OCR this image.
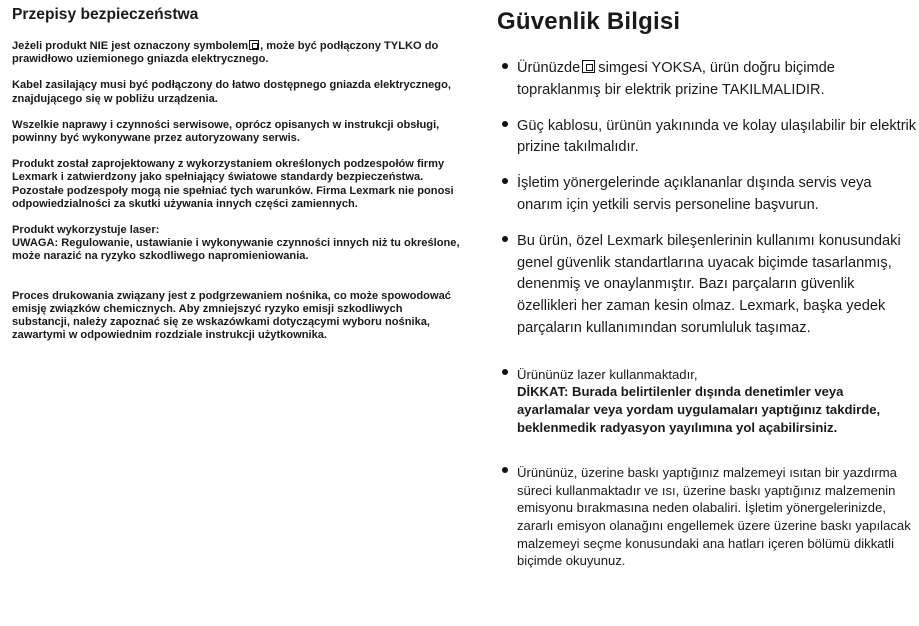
Przepisy bezpieczeństwa

Jeżeli produkt NIE jest oznaczony symbolem , może być podłączony TYLKO do prawidłowo uziemionego gniazda elektrycznego.

Kabel zasilający musi być podłączony do łatwo dostępnego gniazda elektrycznego, znajdującego się w pobliżu urządzenia.

Wszelkie naprawy i czynności serwisowe, oprócz opisanych w instrukcji obsługi, powinny być wykonywane przez autoryzowany serwis.

Produkt został zaprojektowany z wykorzystaniem określonych podzespołów firmy Lexmark i zatwierdzony jako spełniający światowe standardy bezpieczeństwa. Pozostałe podzespoły mogą nie spełniać tych warunków. Firma Lexmark nie ponosi odpowiedzialności za skutki używania innych części zamiennych.

Produkt wykorzystuje laser:
UWAGA: Regulowanie, ustawianie i wykonywanie czynności innych niż tu określone, może narazić na ryzyko szkodliwego napromieniowania.

Proces drukowania związany jest z podgrzewaniem nośnika, co może spowodować emisję związków chemicznych. Aby zmniejszyć ryzyko emisji szkodliwych substancji, należy zapoznać się ze wskazówkami dotyczącymi wyboru nośnika, zawartymi w odpowiednim rozdziale instrukcji użytkownika.

Güvenlik Bilgisi
Ürünüzde simgesi YOKSA, ürün doğru biçimde topraklanmış bir elektrik prizine TAKILMALIDIR.
Güç kablosu, ürünün yakınında ve kolay ulaşılabilir bir elektrik prizine takılmalıdır.
İşletim yönergelerinde açıklananlar dışında servis veya onarım için yetkili servis personeline başvurun.
Bu ürün, özel Lexmark bileşenlerinin kullanımı konusundaki genel güvenlik standartlarına uyacak biçimde tasarlanmış, denenmiş ve onaylanmıştır. Bazı parçaların güvenlik özellikleri her zaman kesin olmaz. Lexmark, başka yedek parçaların kullanımından sorumluluk taşımaz.
Ürününüz lazer kullanmaktadır,
DİKKAT: Burada belirtilenler dışında denetimler veya ayarlamalar veya yordam uygulamaları yaptığınız takdirde, beklenmedik radyasyon yayılımına yol açabilirsiniz.
Ürününüz, üzerine baskı yaptığınız malzemeyi ısıtan bir yazdırma süreci kullanmaktadır ve ısı, üzerine baskı yaptığınız malzemenin emisyonu bırakmasına neden olabaliri. İşletim yönergelerinizde, zararlı emisyon olanağını engellemek üzere üzerine baskı yapılacak malzemeyi seçme konusundaki ana hatları içeren bölümü dikkatli biçimde okuyunuz.
